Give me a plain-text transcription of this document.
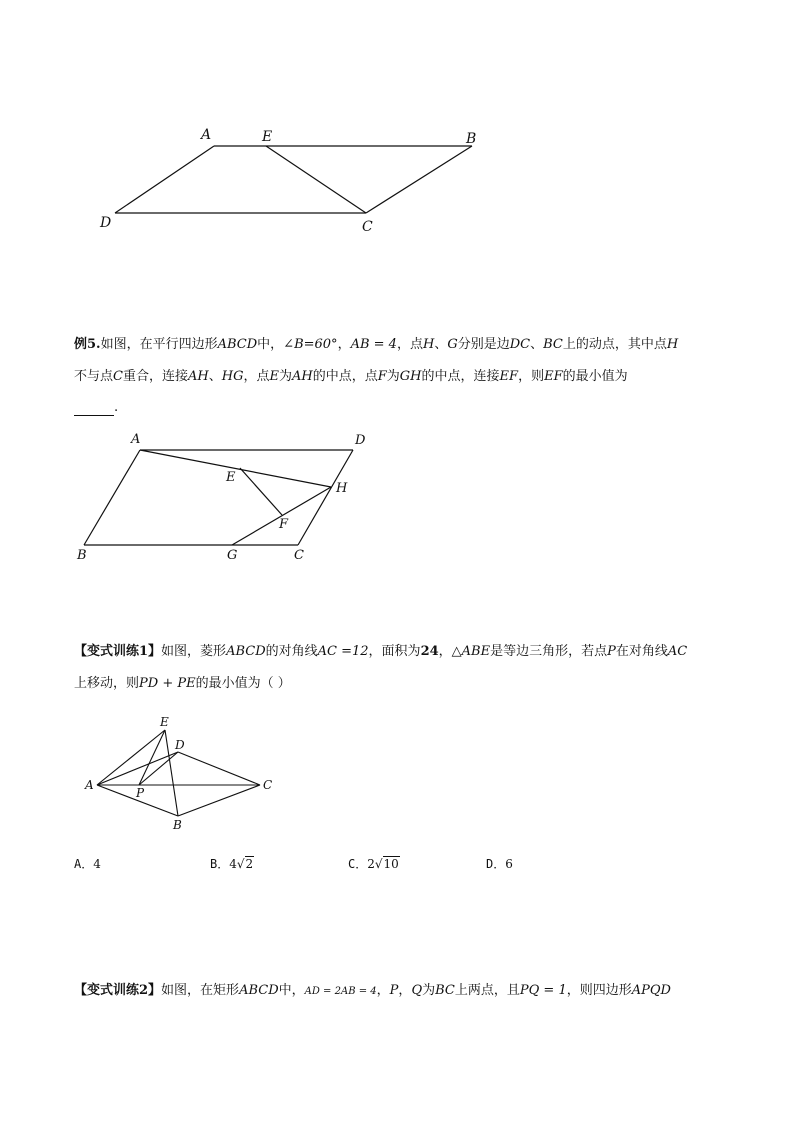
A	E	B
D	C
例5.如图，在平行四边形ABCD中，∠B=60°，AB = 4，点H、G分别是边DC、BC上的动点，其中点H
不与点C重合，连接AH、HG，点E为AH的中点，点F为GH的中点，连接EF，则EF的最小值为
.
A	D
E
H
F
B	G	C
【变式训练1】如图，菱形ABCD的对角线AC =12，面积为24，△ABE是等边三角形，若点P在对角线AC
上移动，则PD + PE的最小值为（ ）
E
D
A
P
C
B
A．4	B．4√2	C．2√10	D．6
【变式训练2】如图，在矩形ABCD中，AD = 2AB = 4，P，Q为BC上两点，且PQ = 1，则四边形APQD
